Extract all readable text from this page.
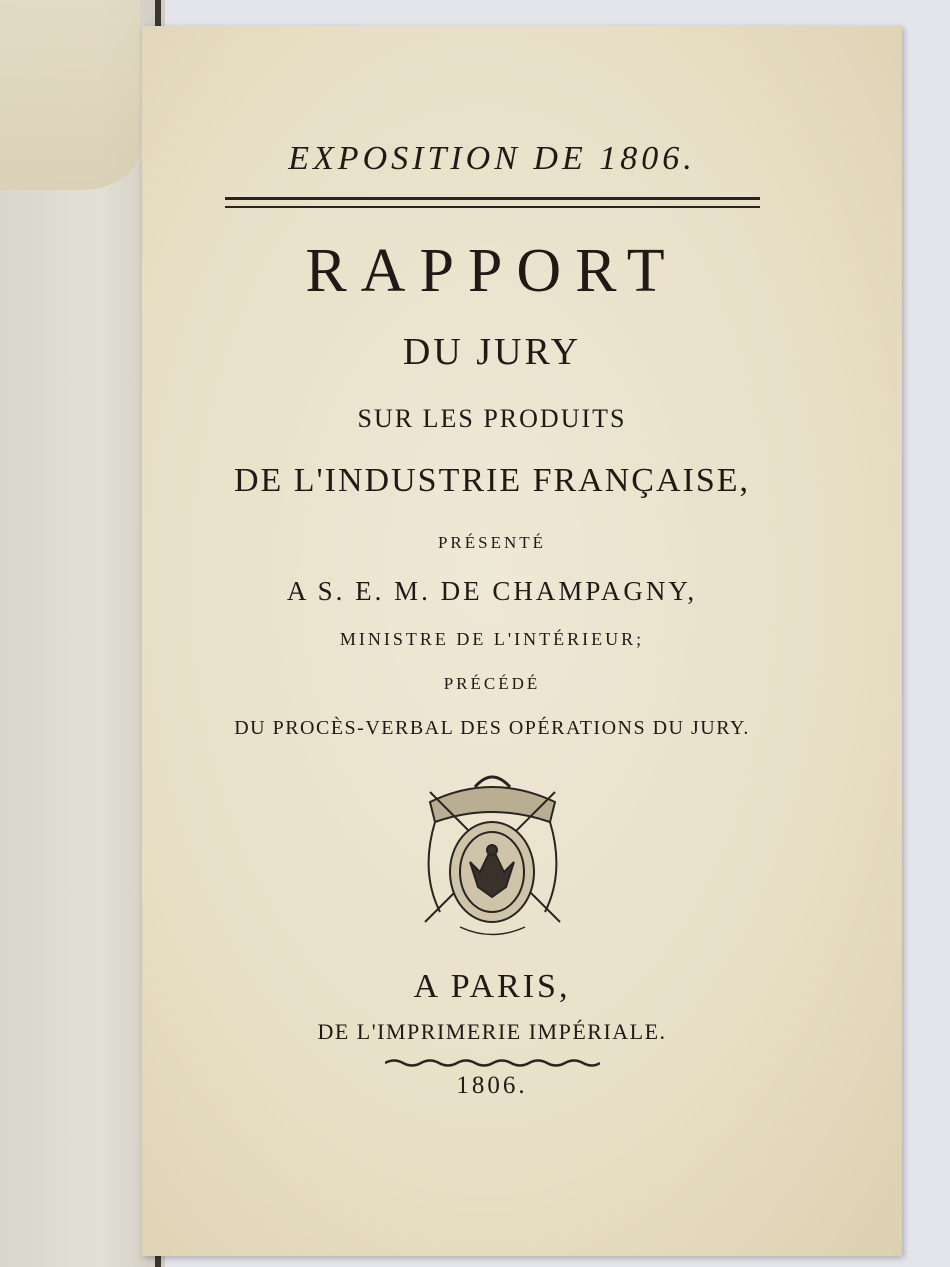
EXPOSITION DE 1806.
RAPPORT
DU JURY
SUR LES PRODUITS
DE L'INDUSTRIE FRANÇAISE,
PRÉSENTÉ
A S. E. M. DE CHAMPAGNY,
MINISTRE DE L'INTÉRIEUR;
PRÉCÉDÉ
DU PROCÈS-VERBAL DES OPÉRATIONS DU JURY.
A PARIS,
DE L'IMPRIMERIE IMPÉRIALE.
1806.
